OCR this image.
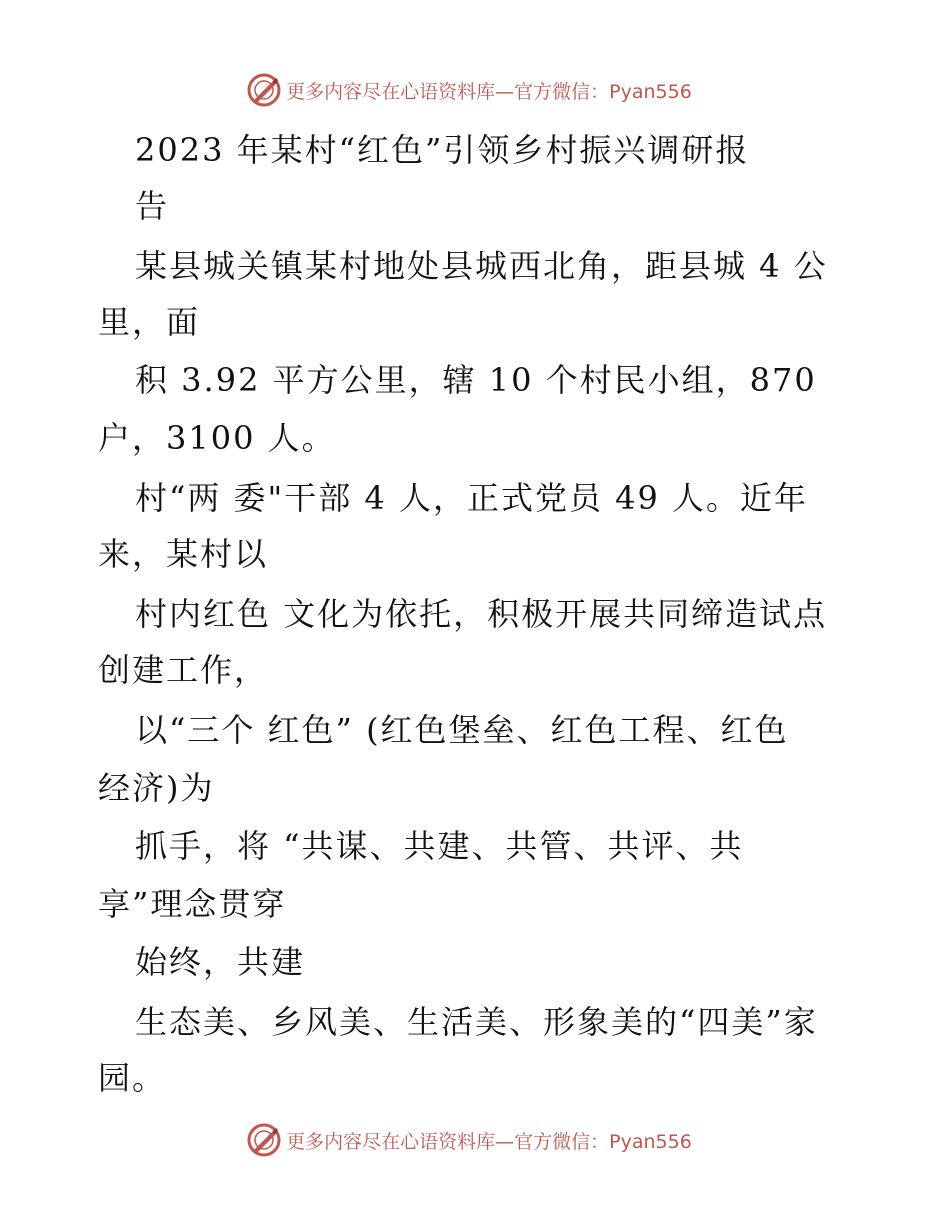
更多内容尽在心语资料库—官方微信：Pyan556
2023 年某村“红色”引领乡村振兴调研报
告
某县城关镇某村地处县城西北角，距县城 4 公
里，面
积 3.92 平方公里，辖 10 个村民小组，870
户，3100 人。
村“两 委"干部 4 人，正式党员 49 人。近年
来，某村以
村内红色 文化为依托，积极开展共同缔造试点
创建工作，
以“三个 红色” (红色堡垒、红色工程、红色
经济)为
抓手，将 “共谋、共建、共管、共评、共
享”理念贯穿
始终，共建
生态美、乡风美、生活美、形象美的“四美”家
园。
更多内容尽在心语资料库—官方微信：Pyan556
